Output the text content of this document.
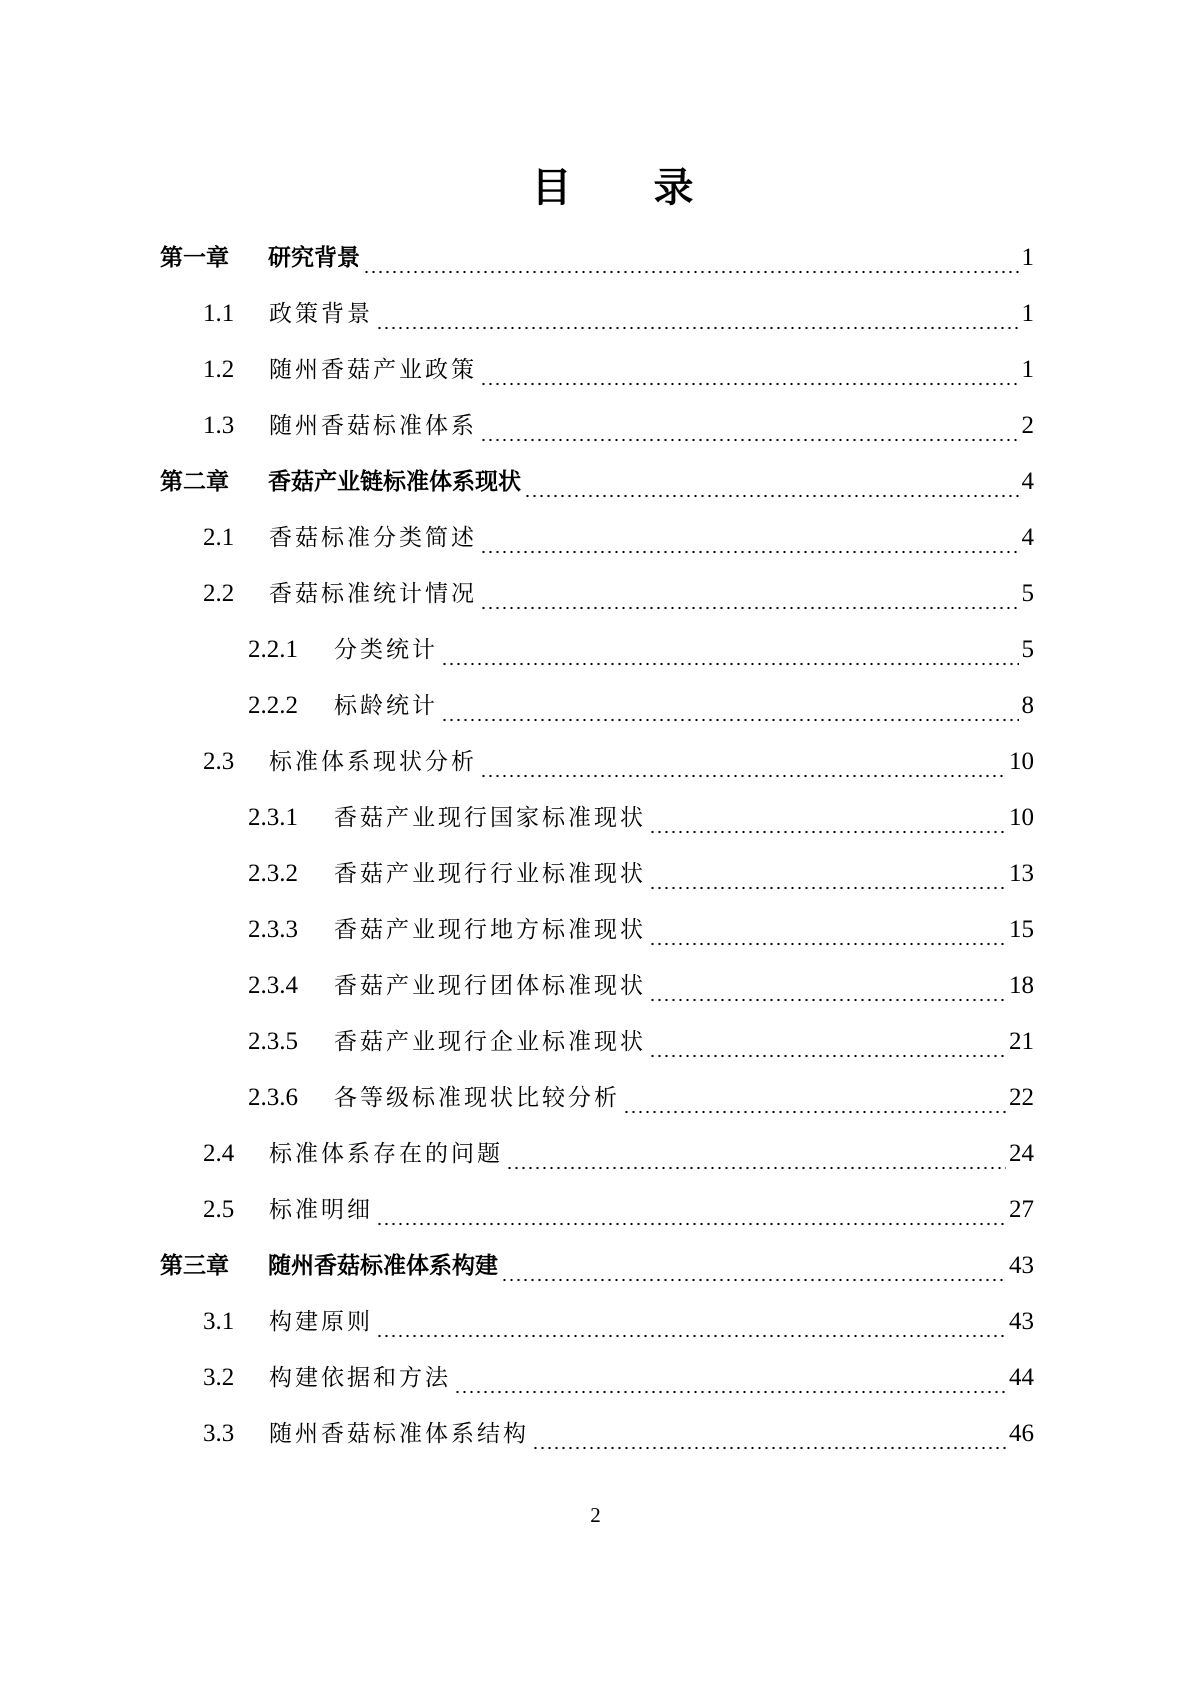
目 录
第一章	研究背景	1
1.1	政策背景	1
1.2	随州香菇产业政策	1
1.3	随州香菇标准体系	2
第二章	香菇产业链标准体系现状	4
2.1	香菇标准分类简述	4
2.2	香菇标准统计情况	5
2.2.1	分类统计	5
2.2.2	标龄统计	8
2.3	标准体系现状分析	10
2.3.1	香菇产业现行国家标准现状	10
2.3.2	香菇产业现行行业标准现状	13
2.3.3	香菇产业现行地方标准现状	15
2.3.4	香菇产业现行团体标准现状	18
2.3.5	香菇产业现行企业标准现状	21
2.3.6	各等级标准现状比较分析	22
2.4	标准体系存在的问题	24
2.5	标准明细	27
第三章	随州香菇标准体系构建	43
3.1	构建原则	43
3.2	构建依据和方法	44
3.3	随州香菇标准体系结构	46
2
